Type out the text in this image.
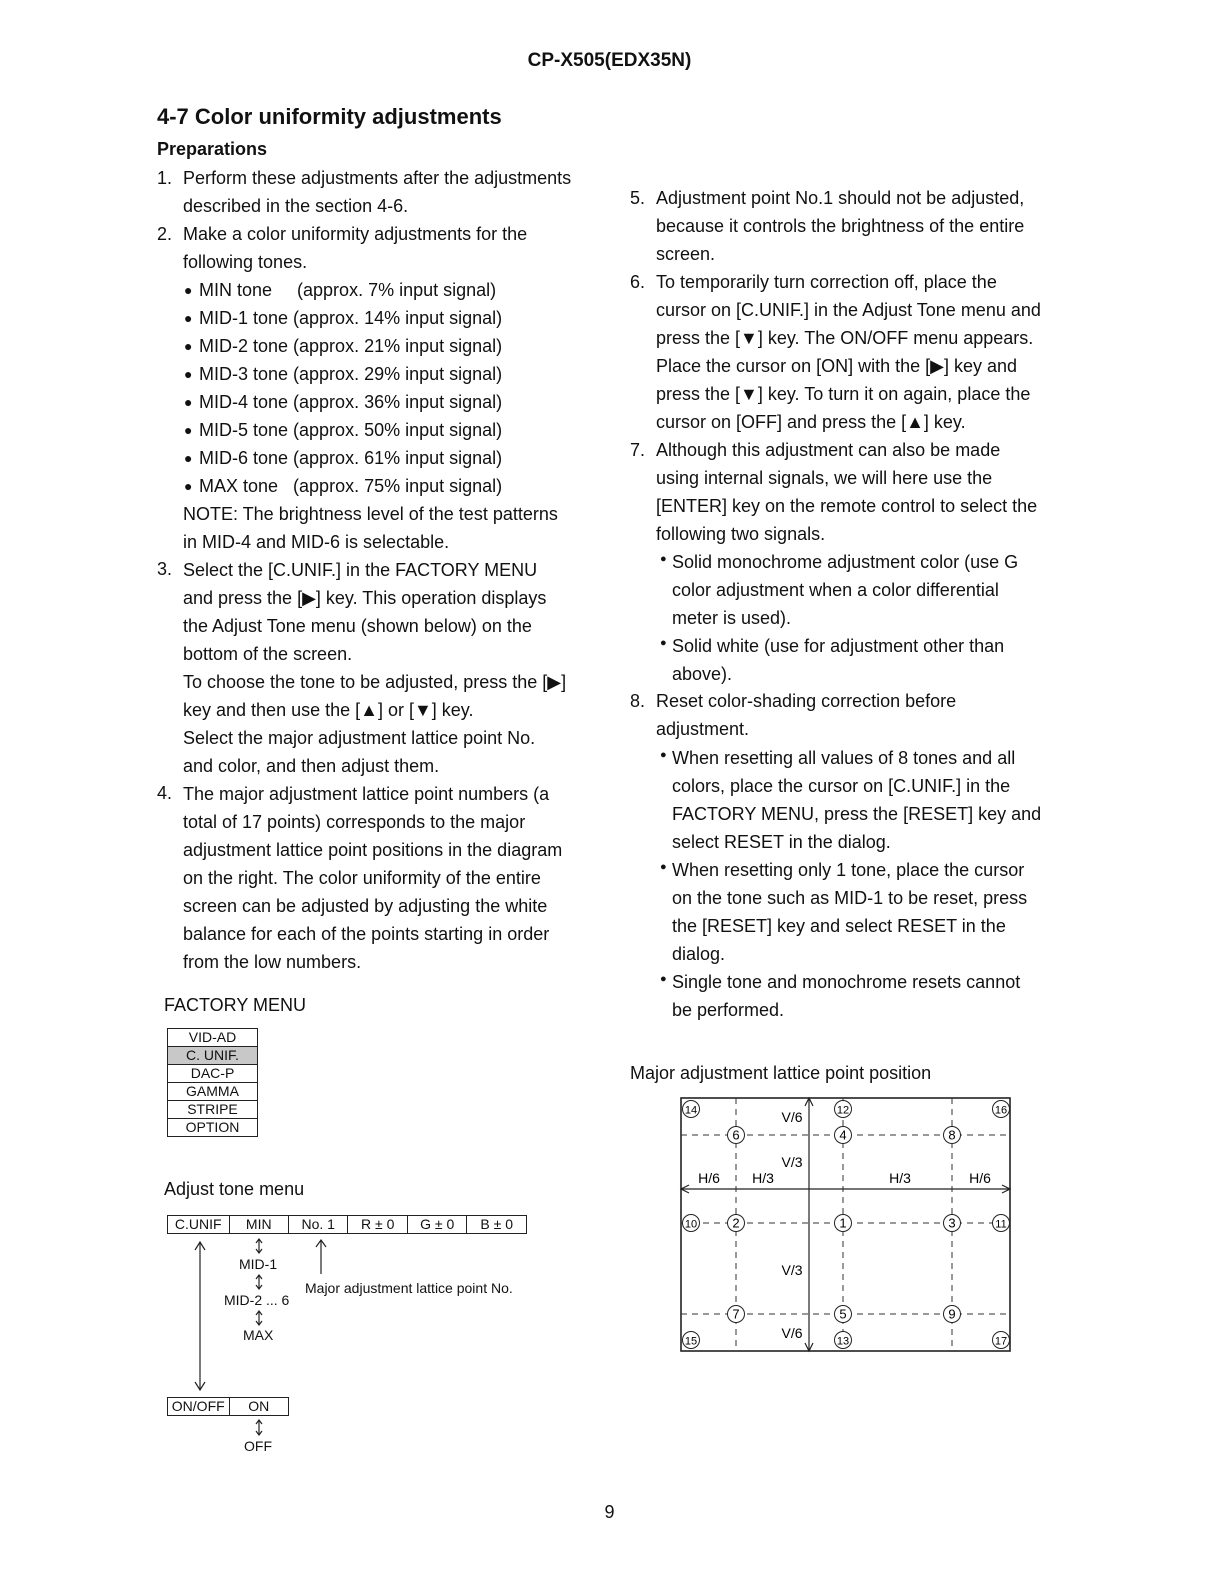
CP-X505(EDX35N)
4-7 Color uniformity adjustments
Preparations
1.
2.
3.
4.
Perform these adjustments after the adjustments
described in the section 4-6.
Make a color uniformity adjustments for the
following tones.
● MIN tone     (approx. 7% input signal)
● MID-1 tone (approx. 14% input signal)
● MID-2 tone (approx. 21% input signal)
● MID-3 tone (approx. 29% input signal)
● MID-4 tone (approx. 36% input signal)
● MID-5 tone (approx. 50% input signal)
● MID-6 tone (approx. 61% input signal)
● MAX tone   (approx. 75% input signal)
NOTE: The brightness level of the test patterns
in MID-4 and MID-6 is selectable.
Select the [C.UNIF.] in the FACTORY MENU
and press the [▶] key. This operation displays
the Adjust Tone menu (shown below) on the
bottom of the screen.
To choose the tone to be adjusted, press the [▶]
key and then use the [▲] or [▼] key.
Select the major adjustment lattice point No.
and color, and then adjust them.
The major adjustment lattice point numbers (a
total of 17 points) corresponds to the major
adjustment lattice point positions in the diagram
on the right. The color uniformity of the entire
screen can be adjusted by adjusting the white
balance for each of the points starting in order
from the low numbers.
5.
6.
7.
8.
Adjustment point No.1 should not be adjusted,
because it controls the brightness of the entire
screen.
To temporarily turn correction off, place the
cursor on [C.UNIF.] in the Adjust Tone menu and
press the [▼] key. The ON/OFF menu appears.
Place the cursor on [ON] with the [▶] key and
press the [▼] key. To turn it on again, place the
cursor on [OFF] and press the [▲] key.
Although this adjustment can also be made
using internal signals, we will here use the
[ENTER] key on the remote control to select the
following two signals.
● Solid monochrome adjustment color (use G
color adjustment when a color differential
meter is used).
● Solid white (use for adjustment other than
above).
Reset color-shading correction before
adjustment.
● When resetting all values of 8 tones and all
colors, place the cursor on [C.UNIF.] in the
FACTORY MENU, press the [RESET] key and
select RESET in the dialog.
● When resetting only 1 tone, place the cursor
on the tone such as MID-1 to be reset, press
the [RESET] key and select RESET in the
dialog.
● Single tone and monochrome resets cannot
be performed.
FACTORY MENU
VID-AD
C. UNIF.
DAC-P
GAMMA
STRIPE
OPTION
Adjust tone menu
C.UNIF	MIN	No. 1	R ± 0	G ± 0	B ± 0
MID-1
MID-2 ... 6
MAX
Major adjustment lattice point No.
ON/OFF	ON
OFF
Major adjustment lattice point position
14	12	16
6	4	8
10	2	1	3	11
7	5	9
15	13	17
V/6
V/3
H/6 H/3	H/3	H/6
V/3
V/6
9
